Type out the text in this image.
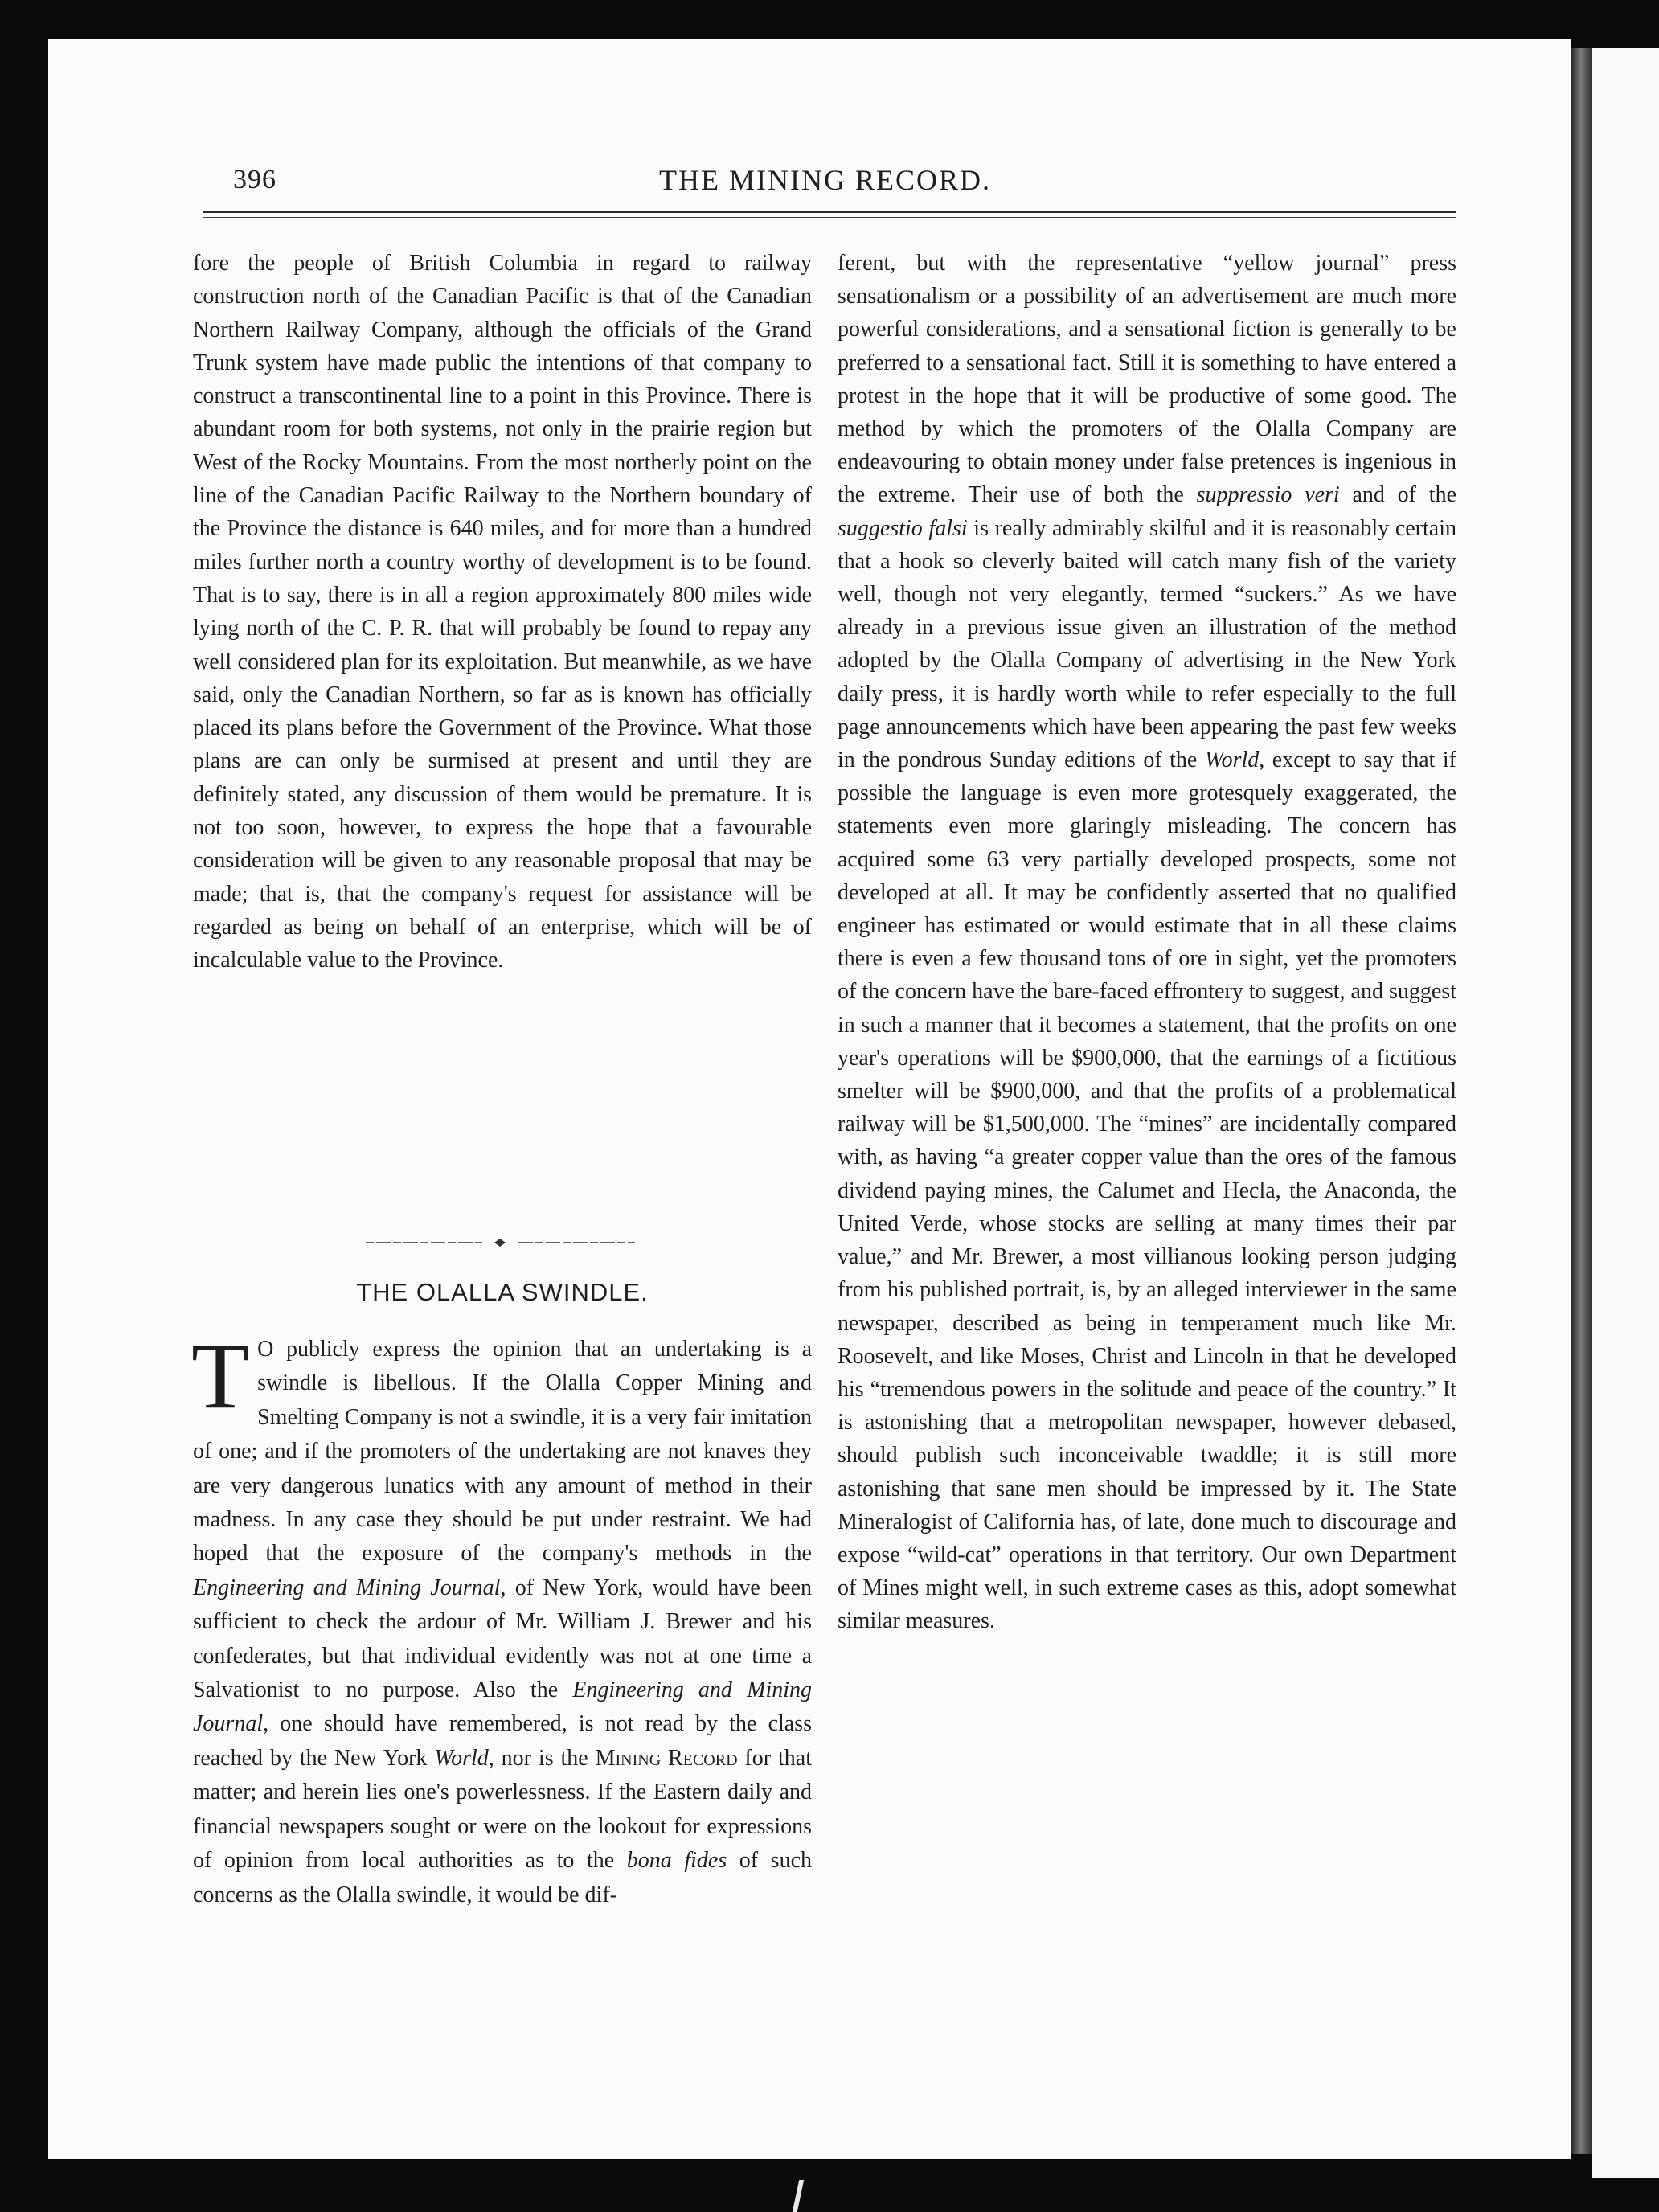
396	THE MINING RECORD.

fore the people of British Columbia in regard to railway construction north of the Canadian Pacific is that of the Canadian Northern Railway Company, although the officials of the Grand Trunk system have made public the intentions of that company to construct a transcontinental line to a point in this Province. There is abundant room for both systems, not only in the prairie region but West of the Rocky Mountains. From the most northerly point on the line of the Canadian Pacific Railway to the Northern boundary of the Province the distance is 640 miles, and for more than a hundred miles further north a country worthy of development is to be found. That is to say, there is in all a region approximately 800 miles wide lying north of the C. P. R. that will probably be found to repay any well considered plan for its exploitation. But meanwhile, as we have said, only the Canadian Northern, so far as is known has officially placed its plans before the Government of the Province. What those plans are can only be surmised at present and until they are definitely stated, any discussion of them would be premature. It is not too soon, however, to express the hope that a favourable consideration will be given to any reasonable proposal that may be made; that is, that the company's request for assistance will be regarded as being on behalf of an enterprise, which will be of incalculable value to the Province.

THE OLALLA SWINDLE.
T O publicly express the opinion that an undertaking is a swindle is libellous. If the Olalla Copper Mining and Smelting Company is not a swindle, it is a very fair imitation of one; and if the promoters of the undertaking are not knaves they are very dangerous lunatics with any amount of method in their madness. In any case they should be put under restraint. We had hoped that the exposure of the company's methods in the Engineering and Mining Journal, of New York, would have been sufficient to check the ardour of Mr. William J. Brewer and his confederates, but that individual evidently was not at one time a Salvationist to no purpose. Also the Engineering and Mining Journal, one should have remembered, is not read by the class reached by the New York World, nor is the Mining Record for that matter; and herein lies one's powerlessness. If the Eastern daily and financial newspapers sought or were on the lookout for expressions of opinion from local authorities as to the bona fides of such concerns as the Olalla swindle, it would be dif-

ferent, but with the representative “yellow journal” press sensationalism or a possibility of an advertisement are much more powerful considerations, and a sensational fiction is generally to be preferred to a sensational fact. Still it is something to have entered a protest in the hope that it will be productive of some good. The method by which the promoters of the Olalla Company are endeavouring to obtain money under false pretences is ingenious in the extreme. Their use of both the suppressio veri and of the suggestio falsi is really admirably skilful and it is reasonably certain that a hook so cleverly baited will catch many fish of the variety well, though not very elegantly, termed “suckers.” As we have already in a previous issue given an illustration of the method adopted by the Olalla Company of advertising in the New York daily press, it is hardly worth while to refer especially to the full page announcements which have been appearing the past few weeks in the pondrous Sunday editions of the World, except to say that if possible the language is even more grotesquely exaggerated, the statements even more glaringly misleading. The concern has acquired some 63 very partially developed prospects, some not developed at all. It may be confidently asserted that no qualified engineer has estimated or would estimate that in all these claims there is even a few thousand tons of ore in sight, yet the promoters of the concern have the bare-faced effrontery to suggest, and suggest in such a manner that it becomes a statement, that the profits on one year's operations will be $900,000, that the earnings of a fictitious smelter will be $900,000, and that the profits of a problematical railway will be $1,500,000. The “mines” are incidentally compared with, as having “a greater copper value than the ores of the famous dividend paying mines, the Calumet and Hecla, the Anaconda, the United Verde, whose stocks are selling at many times their par value,” and Mr. Brewer, a most villianous looking person judging from his published portrait, is, by an alleged interviewer in the same newspaper, described as being in temperament much like Mr. Roosevelt, and like Moses, Christ and Lincoln in that he developed his “tremendous powers in the solitude and peace of the country.” It is astonishing that a metropolitan newspaper, however debased, should publish such inconceivable twaddle; it is still more astonishing that sane men should be impressed by it. The State Mineralogist of California has, of late, done much to discourage and expose “wild-cat” operations in that territory. Our own Department of Mines might well, in such extreme cases as this, adopt somewhat similar measures.
